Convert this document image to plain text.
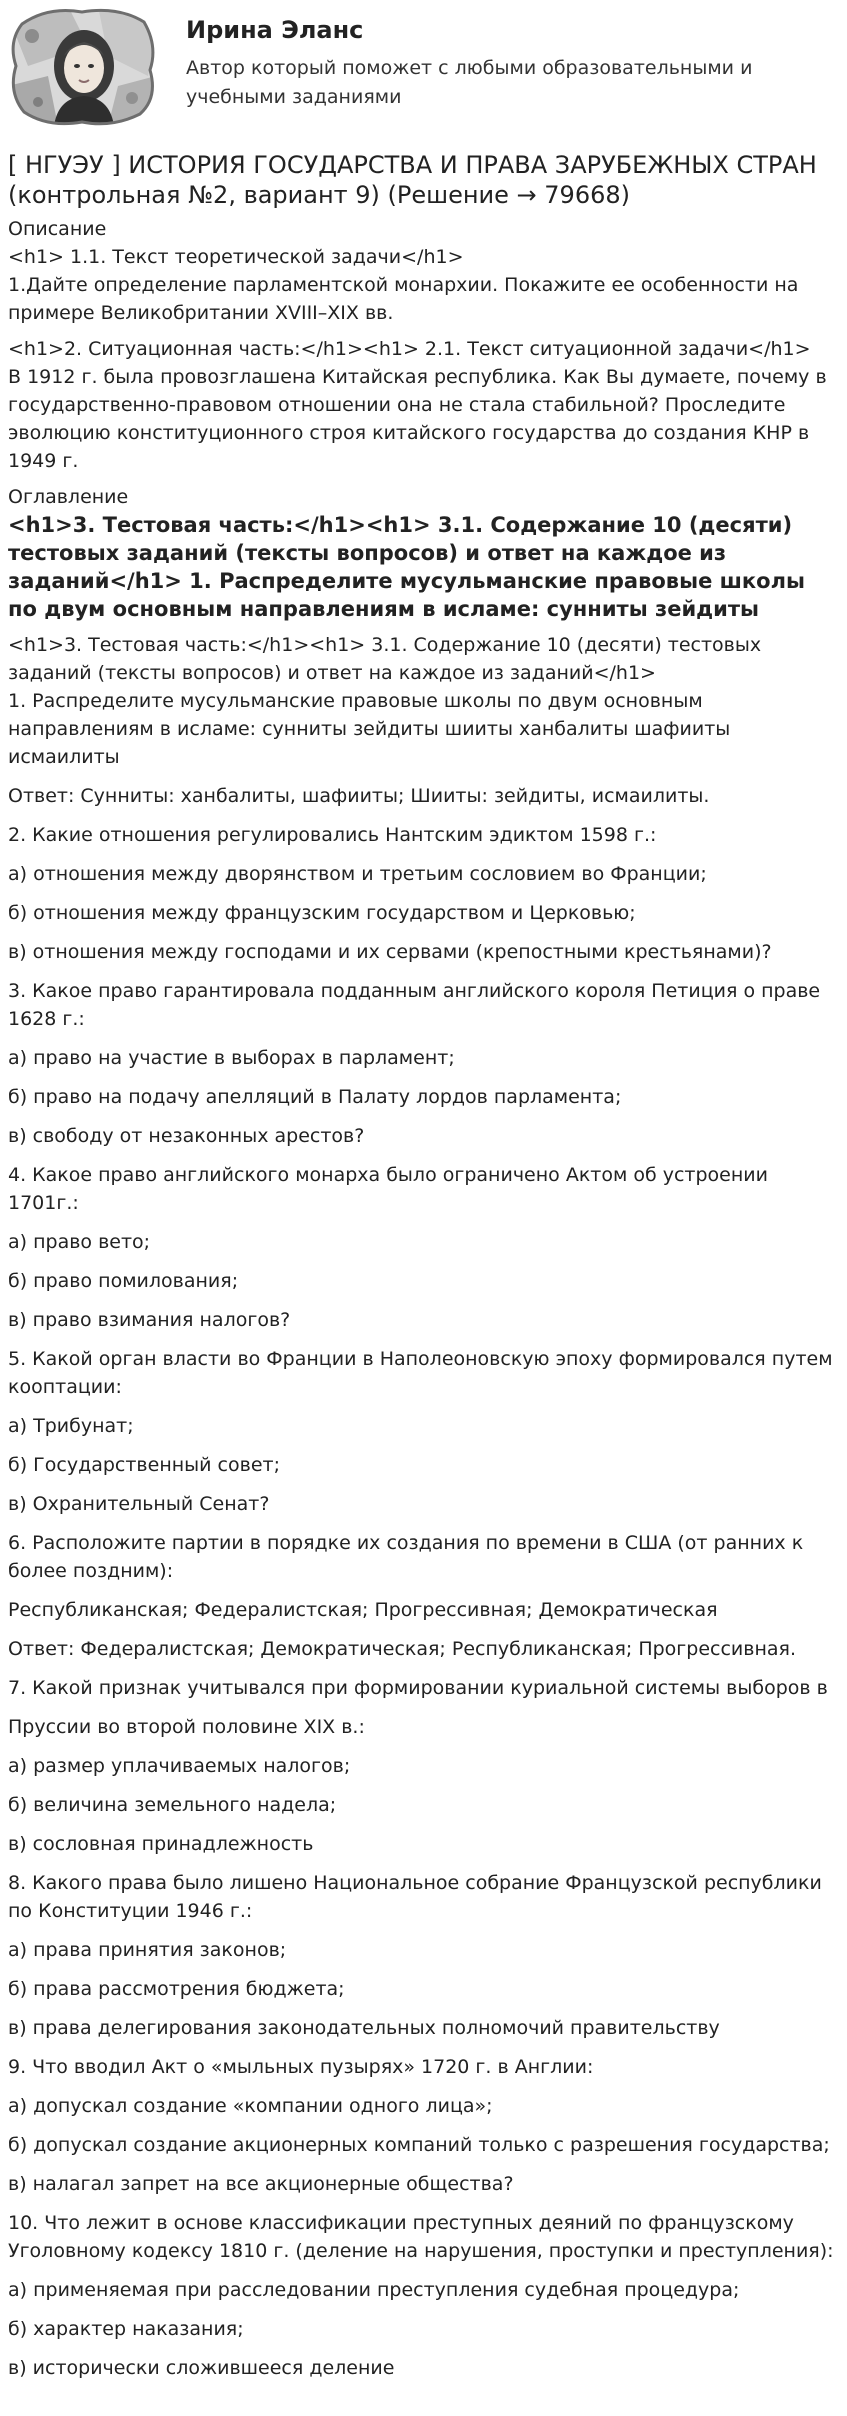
Ирина Эланс
Автор который поможет с любыми образовательными и учебными заданиями
[ НГУЭУ ] ИСТОРИЯ ГОСУДАРСТВА И ПРАВА ЗАРУБЕЖНЫХ СТРАН (контрольная №2, вариант 9) (Решение → 79668)

Описание

<h1> 1.1. Текст теоретической задачи</h1>
1.Дайте определение парламентской монархии. Покажите ее особенности на примере Великобритании XVIII–XIX вв.

<h1>2. Ситуационная часть:</h1><h1> 2.1. Текст ситуационной задачи</h1>
В 1912 г. была провозглашена Китайская республика. Как Вы думаете, почему в государственно-правовом отношении она не стала стабильной? Проследите эволюцию конституционного строя китайского государства до создания КНР в 1949 г.

Оглавление

<h1>3. Тестовая часть:</h1><h1> 3.1. Содержание 10 (десяти) тестовых заданий (тексты вопросов) и ответ на каждое из заданий</h1> 1. Распределите мусульманские правовые школы по двум основным направлениям в исламе: сунниты зейдиты

<h1>3. Тестовая часть:</h1><h1> 3.1. Содержание 10 (десяти) тестовых заданий (тексты вопросов) и ответ на каждое из заданий</h1>
1. Распределите мусульманские правовые школы по двум основным направлениям в исламе: сунниты зейдиты шииты ханбалиты шафииты исмаилиты

Ответ: Сунниты: ханбалиты, шафииты; Шииты: зейдиты, исмаилиты.

2. Какие отношения регулировались Нантским эдиктом 1598 г.:

а) отношения между дворянством и третьим сословием во Франции;

б) отношения между французским государством и Церковью;

в) отношения между господами и их сервами (крепостными крестьянами)?

3. Какое право гарантировала подданным английского короля Петиция о праве 1628 г.:

а) право на участие в выборах в парламент;

б) право на подачу апелляций в Палату лордов парламента;

в) свободу от незаконных арестов?

4. Какое право английского монарха было ограничено Актом об устроении 1701г.:

а) право вето;

б) право помилования;

в) право взимания налогов?

5. Какой орган власти во Франции в Наполеоновскую эпоху формировался путем кооптации:

а) Трибунат;

б) Государственный совет;

в) Охранительный Сенат?

6. Расположите партии в порядке их создания по времени в США (от ранних к более поздним):

Республиканская; Федералистская; Прогрессивная; Демократическая

Ответ: Федералистская; Демократическая; Республиканская; Прогрессивная.

7. Какой признак учитывался при формировании куриальной системы выборов в

Пруссии во второй половине XIX в.:

а) размер уплачиваемых налогов;

б) величина земельного надела;

в) сословная принадлежность

8. Какого права было лишено Национальное собрание Французской республики по Конституции 1946 г.:

а) права принятия законов;

б) права рассмотрения бюджета;

в) права делегирования законодательных полномочий правительству

9. Что вводил Акт о «мыльных пузырях» 1720 г. в Англии:

а) допускал создание «компании одного лица»;

б) допускал создание акционерных компаний только с разрешения государства;

в) налагал запрет на все акционерные общества?

10. Что лежит в основе классификации преступных деяний по французскому Уголовному кодексу 1810 г. (деление на нарушения, проступки и преступления):

а) применяемая при расследовании преступления судебная процедура;

б) характер наказания;

в) исторически сложившееся деление
